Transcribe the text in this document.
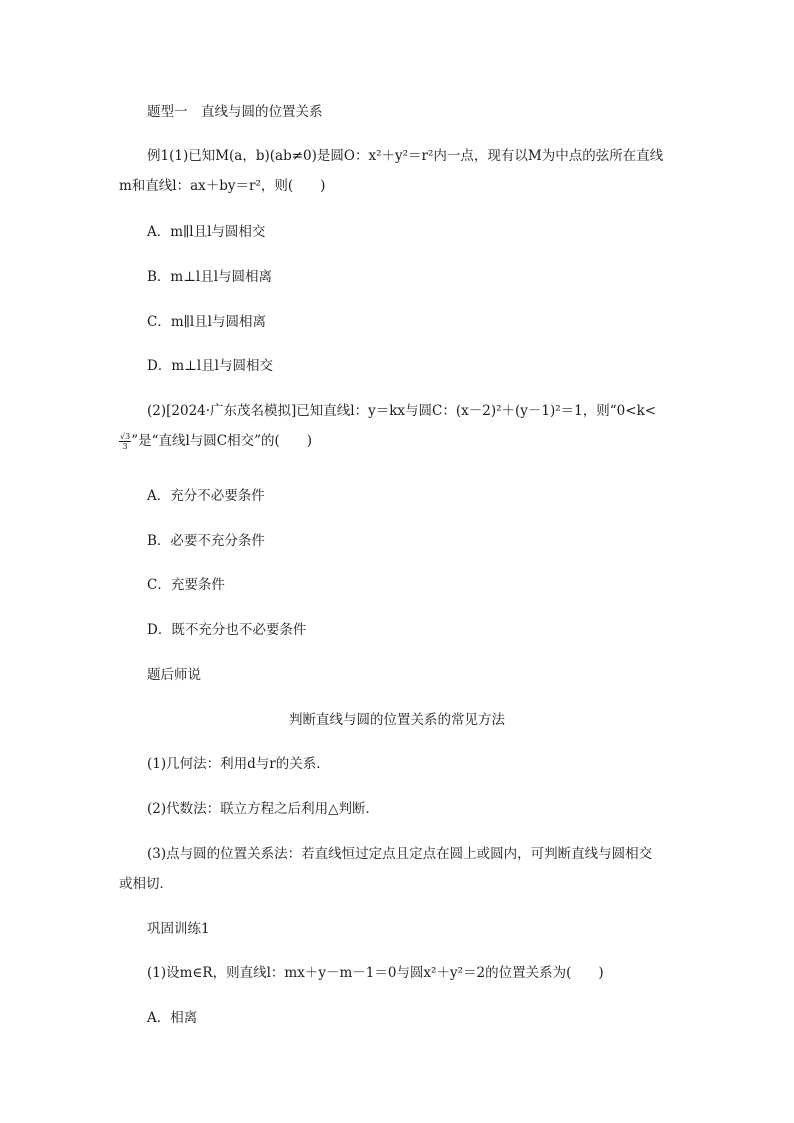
题型一　直线与圆的位置关系
例1(1)已知M(a，b)(ab≠0)是圆O：x²＋y²＝r²内一点，现有以M为中点的弦所在直线
m和直线l：ax＋by＝r²，则(　　)
A．m∥l且l与圆相交
B．m⊥l且l与圆相离
C．m∥l且l与圆相离
D．m⊥l且l与圆相交
(2)[2024·广东茂名模拟]已知直线l：y＝kx与圆C：(x－2)²＋(y－1)²＝1，则“0<k<
$\frac{√3}{3}$ ”是“直线l与圆C相交”的(　　)
A．充分不必要条件
B．必要不充分条件
C．充要条件
D．既不充分也不必要条件
题后师说
判断直线与圆的位置关系的常见方法
(1)几何法：利用d与r的关系．
(2)代数法：联立方程之后利用△判断．
(3)点与圆的位置关系法：若直线恒过定点且定点在圆上或圆内，可判断直线与圆相交
或相切．
巩固训练1
(1)设m∈R，则直线l：mx＋y－m－1＝0与圆x²＋y²＝2的位置关系为(　　)
A．相离
